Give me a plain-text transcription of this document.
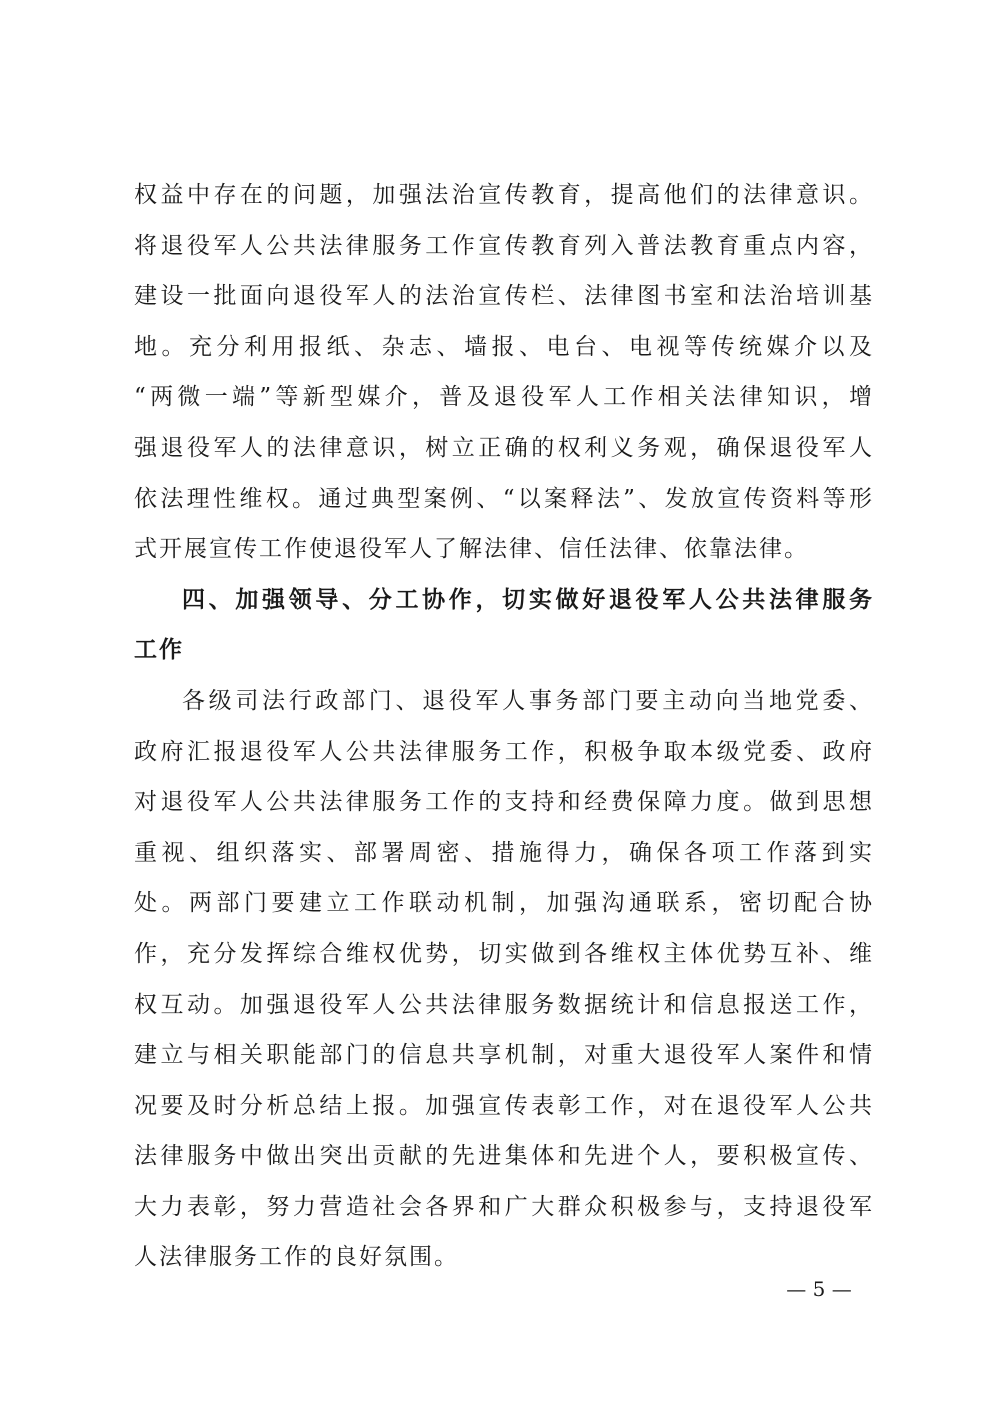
权益中存在的问题，加强法治宣传教育，提高他们的法律意识。
将退役军人公共法律服务工作宣传教育列入普法教育重点内容，
建设一批面向退役军人的法治宣传栏、法律图书室和法治培训基
地。充分利用报纸、杂志、墙报、电台、电视等传统媒介以及
“两微一端”等新型媒介，普及退役军人工作相关法律知识，增
强退役军人的法律意识，树立正确的权利义务观，确保退役军人
依法理性维权。通过典型案例、“以案释法”、发放宣传资料等形
式开展宣传工作使退役军人了解法律、信任法律、依靠法律。
四、加强领导、分工协作，切实做好退役军人公共法律服务
工作
各级司法行政部门、退役军人事务部门要主动向当地党委、
政府汇报退役军人公共法律服务工作，积极争取本级党委、政府
对退役军人公共法律服务工作的支持和经费保障力度。做到思想
重视、组织落实、部署周密、措施得力，确保各项工作落到实
处。两部门要建立工作联动机制，加强沟通联系，密切配合协
作，充分发挥综合维权优势，切实做到各维权主体优势互补、维
权互动。加强退役军人公共法律服务数据统计和信息报送工作，
建立与相关职能部门的信息共享机制，对重大退役军人案件和情
况要及时分析总结上报。加强宣传表彰工作，对在退役军人公共
法律服务中做出突出贡献的先进集体和先进个人，要积极宣传、
大力表彰，努力营造社会各界和广大群众积极参与，支持退役军
人法律服务工作的良好氛围。
— 5 —
